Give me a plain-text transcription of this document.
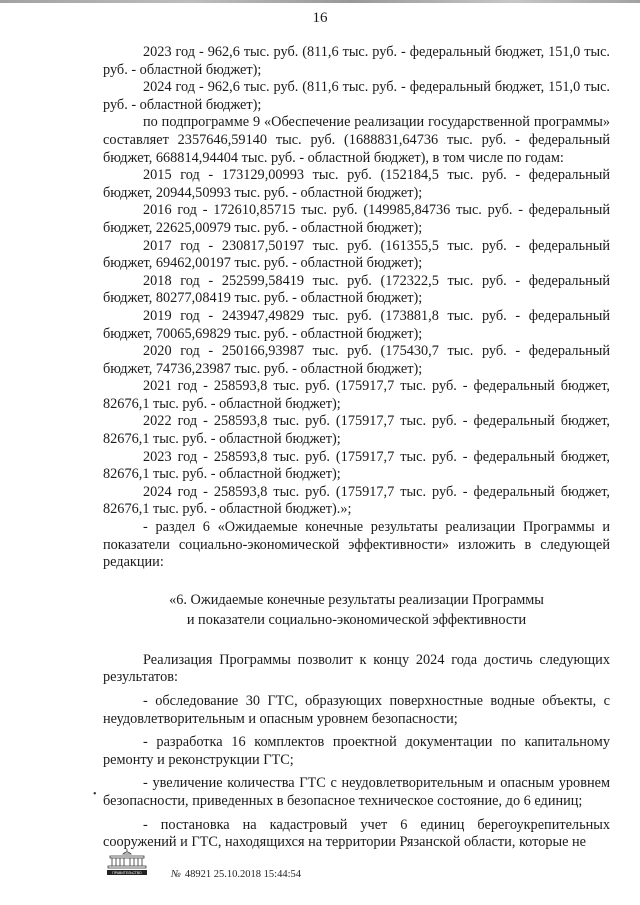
16

2023 год - 962,6 тыс. руб. (811,6 тыс. руб. - федеральный бюджет, 151,0 тыс. руб. - областной бюджет);

2024 год - 962,6 тыс. руб. (811,6 тыс. руб. - федеральный бюджет, 151,0 тыс. руб. - областной бюджет);

по подпрограмме 9 «Обеспечение реализации государственной программы» составляет 2357646,59140 тыс. руб. (1688831,64736 тыс. руб. - федеральный бюджет, 668814,94404 тыс. руб. - областной бюджет), в том числе по годам:

2015 год - 173129,00993 тыс. руб. (152184,5 тыс. руб. - федеральный бюджет, 20944,50993 тыс. руб. - областной бюджет);

2016 год - 172610,85715 тыс. руб. (149985,84736 тыс. руб. - федеральный бюджет, 22625,00979 тыс. руб. - областной бюджет);

2017 год - 230817,50197 тыс. руб. (161355,5 тыс. руб. - федеральный бюджет, 69462,00197 тыс. руб. - областной бюджет);

2018 год - 252599,58419 тыс. руб. (172322,5 тыс. руб. - федеральный бюджет, 80277,08419 тыс. руб. - областной бюджет);

2019 год - 243947,49829 тыс. руб. (173881,8 тыс. руб. - федеральный бюджет, 70065,69829 тыс. руб. - областной бюджет);

2020 год - 250166,93987 тыс. руб. (175430,7 тыс. руб. - федеральный бюджет, 74736,23987 тыс. руб. - областной бюджет);

2021 год - 258593,8 тыс. руб. (175917,7 тыс. руб. - федеральный бюджет, 82676,1 тыс. руб. - областной бюджет);

2022 год - 258593,8 тыс. руб. (175917,7 тыс. руб. - федеральный бюджет, 82676,1 тыс. руб. - областной бюджет);

2023 год - 258593,8 тыс. руб. (175917,7 тыс. руб. - федеральный бюджет, 82676,1 тыс. руб. - областной бюджет);

2024 год - 258593,8 тыс. руб. (175917,7 тыс. руб. - федеральный бюджет, 82676,1 тыс. руб. - областной бюджет).»;

- раздел 6 «Ожидаемые конечные результаты реализации Программы и показатели социально-экономической эффективности» изложить в следующей редакции:

«6. Ожидаемые конечные результаты реализации Программы
и показатели социально-экономической эффективности

Реализация Программы позволит к концу 2024 года достичь следующих результатов:

- обследование 30 ГТС, образующих поверхностные водные объекты, с неудовлетворительным и опасным уровнем безопасности;

- разработка 16 комплектов проектной документации по капитальному ремонту и реконструкции ГТС;

- увеличение количества ГТС с неудовлетворительным и опасным уровнем безопасности, приведенных в безопасное техническое состояние, до 6 единиц;

- постановка на кадастровый учет 6 единиц берегоукрепительных сооружений и ГТС, находящихся на территории Рязанской области, которые не

•
ПРАВИТЕЛЬСТВО	№ 48921 25.10.2018 15:44:54
